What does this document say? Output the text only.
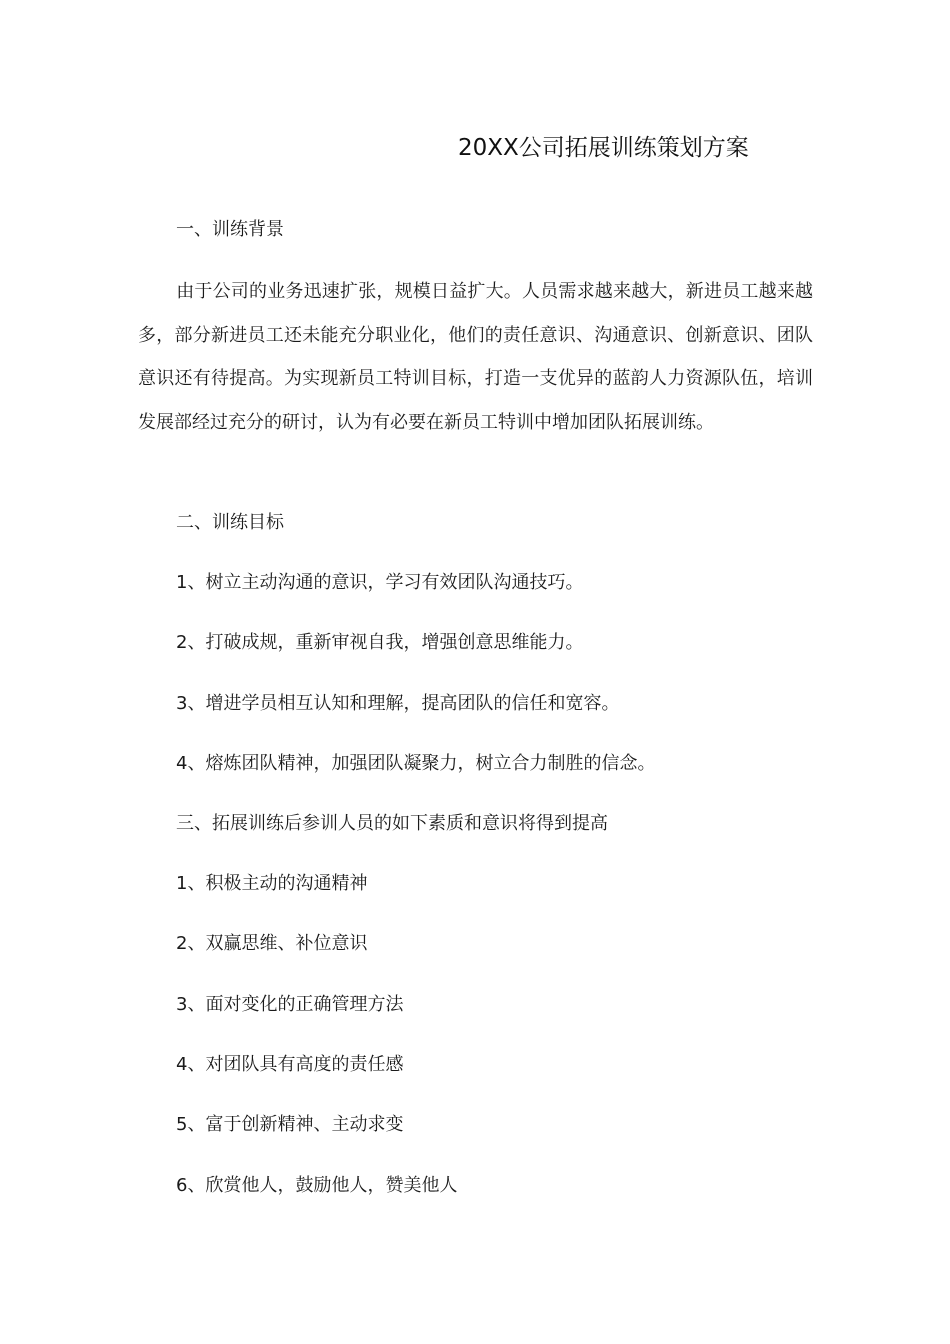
20XX公司拓展训练策划方案
一、训练背景
由于公司的业务迅速扩张，规模日益扩大。人员需求越来越大，新进员工越来越多，部分新进员工还未能充分职业化，他们的责任意识、沟通意识、创新意识、团队意识还有待提高。为实现新员工特训目标，打造一支优异的蓝韵人力资源队伍，培训发展部经过充分的研讨，认为有必要在新员工特训中增加团队拓展训练。
二、训练目标
1、树立主动沟通的意识，学习有效团队沟通技巧。
2、打破成规，重新审视自我，增强创意思维能力。
3、增进学员相互认知和理解，提高团队的信任和宽容。
4、熔炼团队精神，加强团队凝聚力，树立合力制胜的信念。
三、拓展训练后参训人员的如下素质和意识将得到提高
1、积极主动的沟通精神
2、双赢思维、补位意识
3、面对变化的正确管理方法
4、对团队具有高度的责任感
5、富于创新精神、主动求变
6、欣赏他人，鼓励他人，赞美他人
